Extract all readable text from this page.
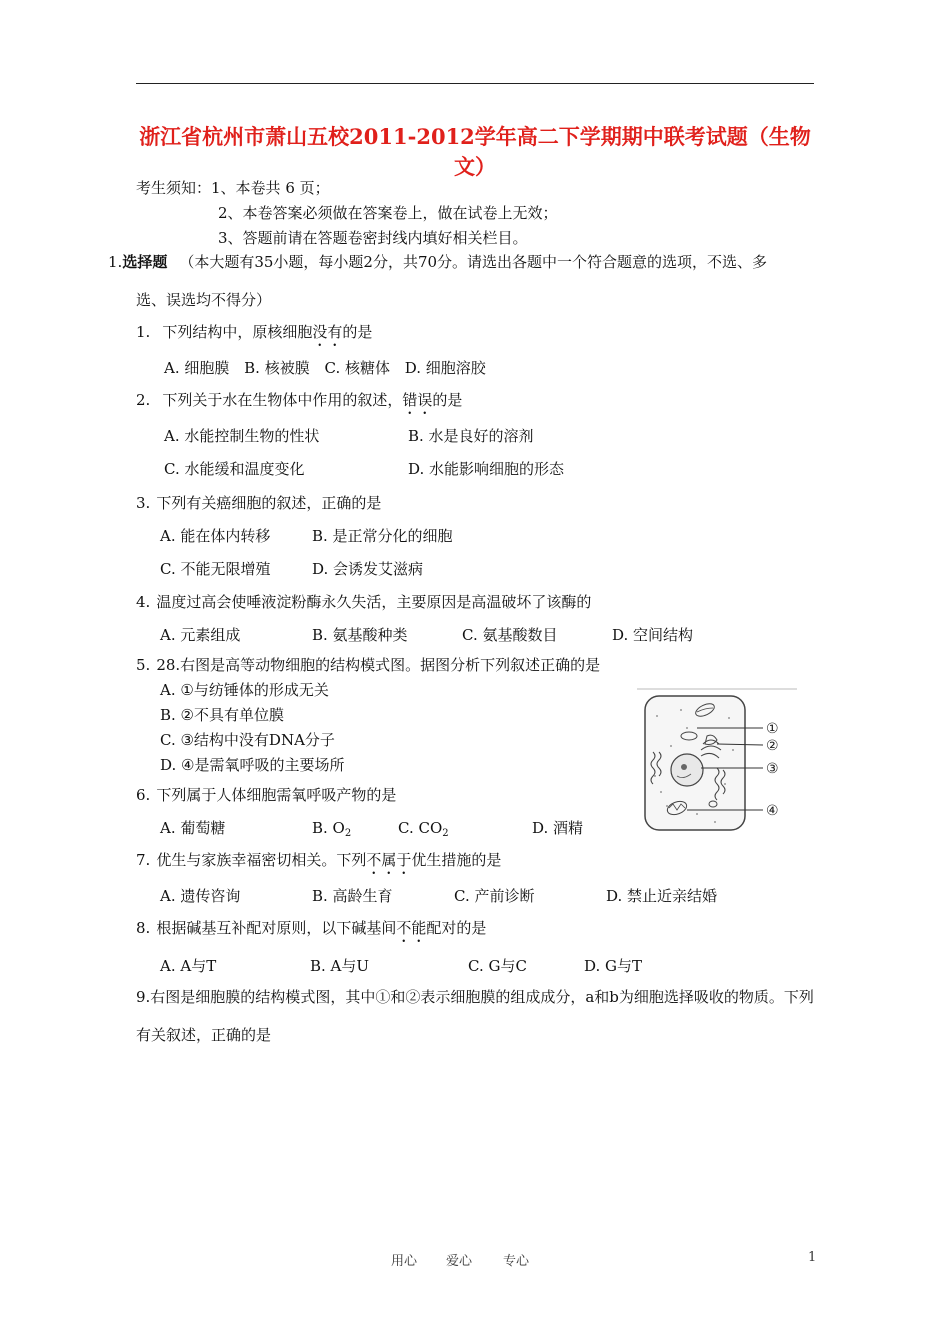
浙江省杭州市萧山五校2011-2012学年高二下学期期中联考试题（生物文）
考生须知：1、本卷共 6 页；
2、本卷答案必须做在答案卷上，做在试卷上无效；
3、答题前请在答题卷密封线内填好相关栏目。
1.选择题 （本大题有35小题，每小题2分，共70分。请选出各题中一个符合题意的选项，不选、多
选、误选均不得分）
1. 下列结构中，原核细胞没有的是
A. 细胞膜 B. 核被膜 C. 核糖体 D. 细胞溶胶
2. 下列关于水在生物体中作用的叙述，错误的是
A. 水能控制生物的性状	B. 水是良好的溶剂
C. 水能缓和温度变化	D. 水能影响细胞的形态
3. 下列有关癌细胞的叙述，正确的是
A. 能在体内转移	B. 是正常分化的细胞
C. 不能无限增殖	D. 会诱发艾滋病
4. 温度过高会使唾液淀粉酶永久失活，主要原因是高温破坏了该酶的
A. 元素组成	B. 氨基酸种类	C. 氨基酸数目	D. 空间结构
5. 28.右图是高等动物细胞的结构模式图。据图分析下列叙述正确的是
A. ①与纺锤体的形成无关
B. ②不具有单位膜
C. ③结构中没有DNA分子
D. ④是需氧呼吸的主要场所
①
②
③
④
6. 下列属于人体细胞需氧呼吸产物的是
A. 葡萄糖	B. $O_2$	C. $CO_2$	D. 酒精
7. 优生与家族幸福密切相关。下列不属于优生措施的是
A. 遗传咨询	B. 高龄生育	C. 产前诊断	D. 禁止近亲结婚
8. 根据碱基互补配对原则，以下碱基间不能配对的是
A. A与T	B. A与U	C. G与C	D. G与T
9.右图是细胞膜的结构模式图，其中①和②表示细胞膜的组成成分，a和b为细胞选择吸收的物质。下列有关叙述，正确的是
用心 爱心 专心	1
